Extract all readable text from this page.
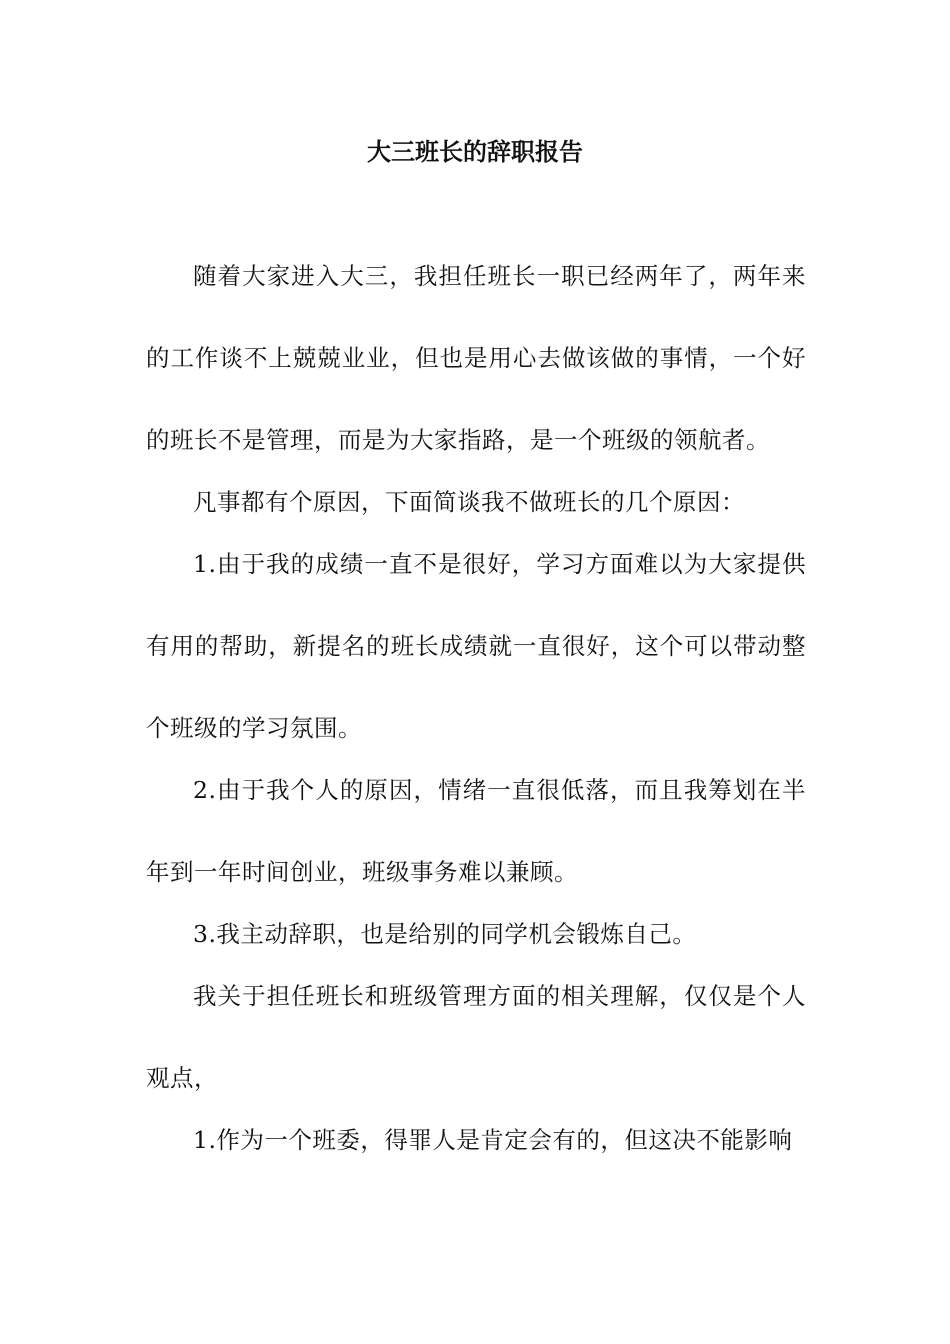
大三班长的辞职报告

随着大家进入大三，我担任班长一职已经两年了，两年来的工作谈不上兢兢业业，但也是用心去做该做的事情，一个好的班长不是管理，而是为大家指路，是一个班级的领航者。

凡事都有个原因，下面简谈我不做班长的几个原因：

1.由于我的成绩一直不是很好，学习方面难以为大家提供有用的帮助，新提名的班长成绩就一直很好，这个可以带动整个班级的学习氛围。

2.由于我个人的原因，情绪一直很低落，而且我筹划在半年到一年时间创业，班级事务难以兼顾。

3.我主动辞职，也是给别的同学机会锻炼自己。

我关于担任班长和班级管理方面的相关理解，仅仅是个人观点，

1.作为一个班委，得罪人是肯定会有的，但这决不能影响
